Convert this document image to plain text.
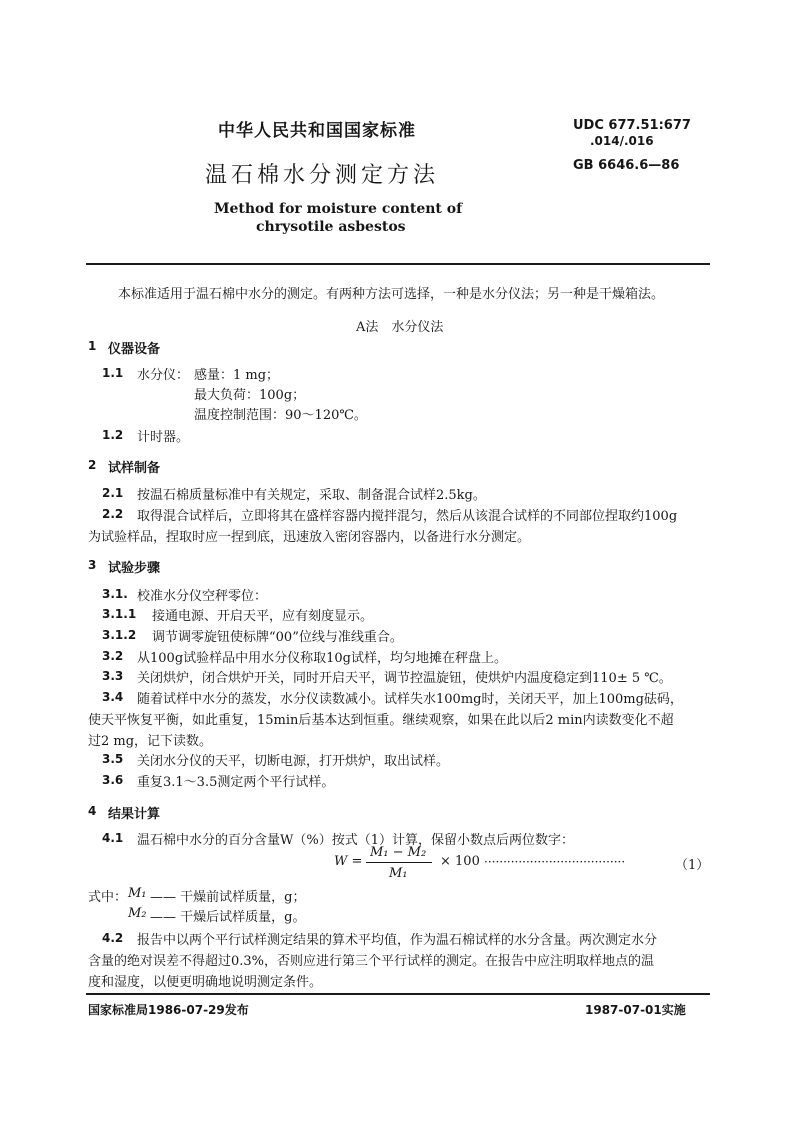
中华人民共和国国家标准	UDC 677.51:677
.014/.016
温石棉水分测定方法	GB 6646.6—86
Method for moisture content of
chrysotile asbestos
本标准适用于温石棉中水分的测定。有两种方法可选择，一种是水分仪法；另一种是干燥箱法。
A法　水分仪法
1 仪器设备
1.1 水分仪： 感量：1 mg；
最大负荷：100g；
温度控制范围：90～120℃。
1.2 计时器。
2 试样制备
2.1 按温石棉质量标准中有关规定，采取、制备混合试样2.5kg。
2.2 取得混合试样后，立即将其在盛样容器内搅拌混匀，然后从该混合试样的不同部位捏取约100g
为试验样品，捏取时应一捏到底，迅速放入密闭容器内，以备进行水分测定。
3 试验步骤
3.1. 校准水分仪空秤零位：
3.1.1 接通电源、开启天平，应有刻度显示。
3.1.2 调节调零旋钮使标牌“00”位线与准线重合。
3.2 从100g试验样品中用水分仪称取10g试样，均匀地摊在秤盘上。
3.3 关闭烘炉，闭合烘炉开关，同时开启天平，调节控温旋钮，使烘炉内温度稳定到110± 5 ℃。
3.4 随着试样中水分的蒸发，水分仪读数减小。试样失水100mg时，关闭天平，加上100mg砝码，
使天平恢复平衡，如此重复，15min后基本达到恒重。继续观察，如果在此以后2 min内读数变化不超
过2 mg，记下读数。
3.5 关闭水分仪的天平，切断电源，打开烘炉，取出试样。
3.6 重复3.1～3.5测定两个平行试样。
4 结果计算
4.1 温石棉中水分的百分含量W（%）按式（1）计算，保留小数点后两位数字：
W =
M₁ − M₂
M₁
× 100 ·····································	（1）
式中： M₁ —— 干燥前试样质量，g；
M₂ —— 干燥后试样质量，g。
4.2 报告中以两个平行试样测定结果的算术平均值，作为温石棉试样的水分含量。两次测定水分
含量的绝对误差不得超过0.3%，否则应进行第三个平行试样的测定。在报告中应注明取样地点的温
度和湿度，以便更明确地说明测定条件。
国家标准局1986-07-29发布	1987-07-01实施
